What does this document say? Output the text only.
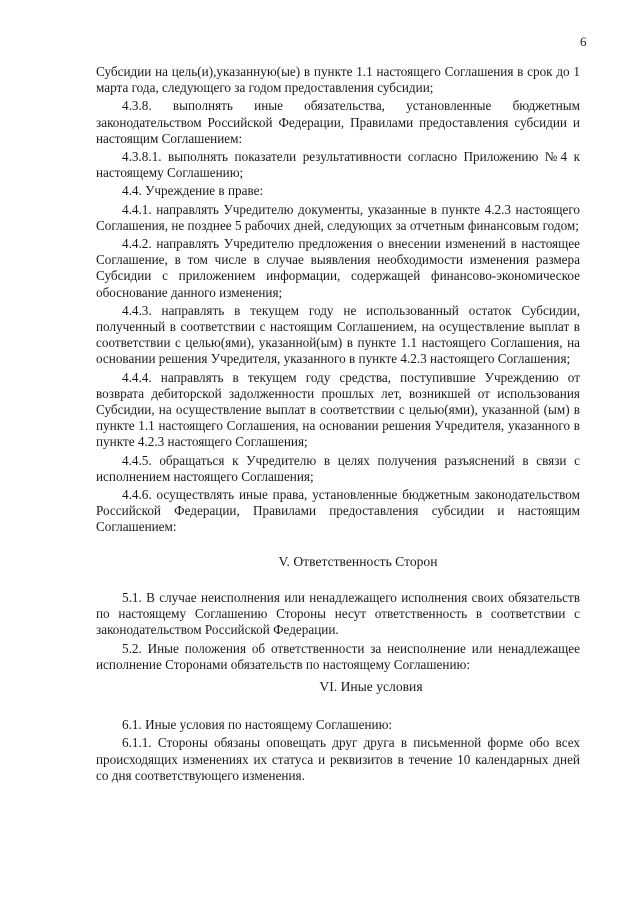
6

Субсидии на цель(и),указанную(ые) в пункте 1.1 настоящего Соглашения в срок до 1 марта года, следующего за годом предоставления субсидии;

4.3.8. выполнять иные обязательства, установленные бюджетным законодательством Российской Федерации, Правилами предоставления субсидии и настоящим Соглашением:

4.3.8.1. выполнять показатели результативности согласно Приложению №4 к настоящему Соглашению;

4.4. Учреждение в праве:

4.4.1. направлять Учредителю документы, указанные в пункте 4.2.3 настоящего Соглашения, не позднее 5 рабочих дней, следующих за отчетным финансовым годом;

4.4.2. направлять Учредителю предложения о внесении изменений в настоящее Соглашение, в том числе в случае выявления необходимости изменения размера Субсидии с приложением информации, содержащей финансово-экономическое обоснование данного изменения;

4.4.3. направлять в текущем году не использованный остаток Субсидии, полученный в соответствии с настоящим Соглашением, на осуществление выплат в соответствии с целью(ями), указанной(ым) в пункте 1.1 настоящего Соглашения, на основании решения Учредителя, указанного в пункте 4.2.3 настоящего Соглашения;

4.4.4. направлять в текущем году средства, поступившие Учреждению от возврата дебиторской задолженности прошлых лет, возникшей от использования Субсидии, на осуществление выплат в соответствии с целью(ями), указанной (ым) в пункте 1.1 настоящего Соглашения, на основании решения Учредителя, указанного в пункте 4.2.3 настоящего Соглашения;

4.4.5. обращаться к Учредителю в целях получения разъяснений в связи с исполнением настоящего Соглашения;

4.4.6. осуществлять иные права, установленные бюджетным законодательством Российской Федерации, Правилами предоставления субсидии и настоящим Соглашением:

V. Ответственность Сторон

5.1. В случае неисполнения или ненадлежащего исполнения своих обязательств по настоящему Соглашению Стороны несут ответственность в соответствии с законодательством Российской Федерации.

5.2. Иные положения об ответственности за неисполнение или ненадлежащее исполнение Сторонами обязательств по настоящему Соглашению:

VI. Иные условия

6.1. Иные условия по настоящему Соглашению:

6.1.1. Стороны обязаны оповещать друг друга в письменной форме обо всех происходящих изменениях их статуса и реквизитов в течение 10 календарных дней со дня соответствующего изменения.
